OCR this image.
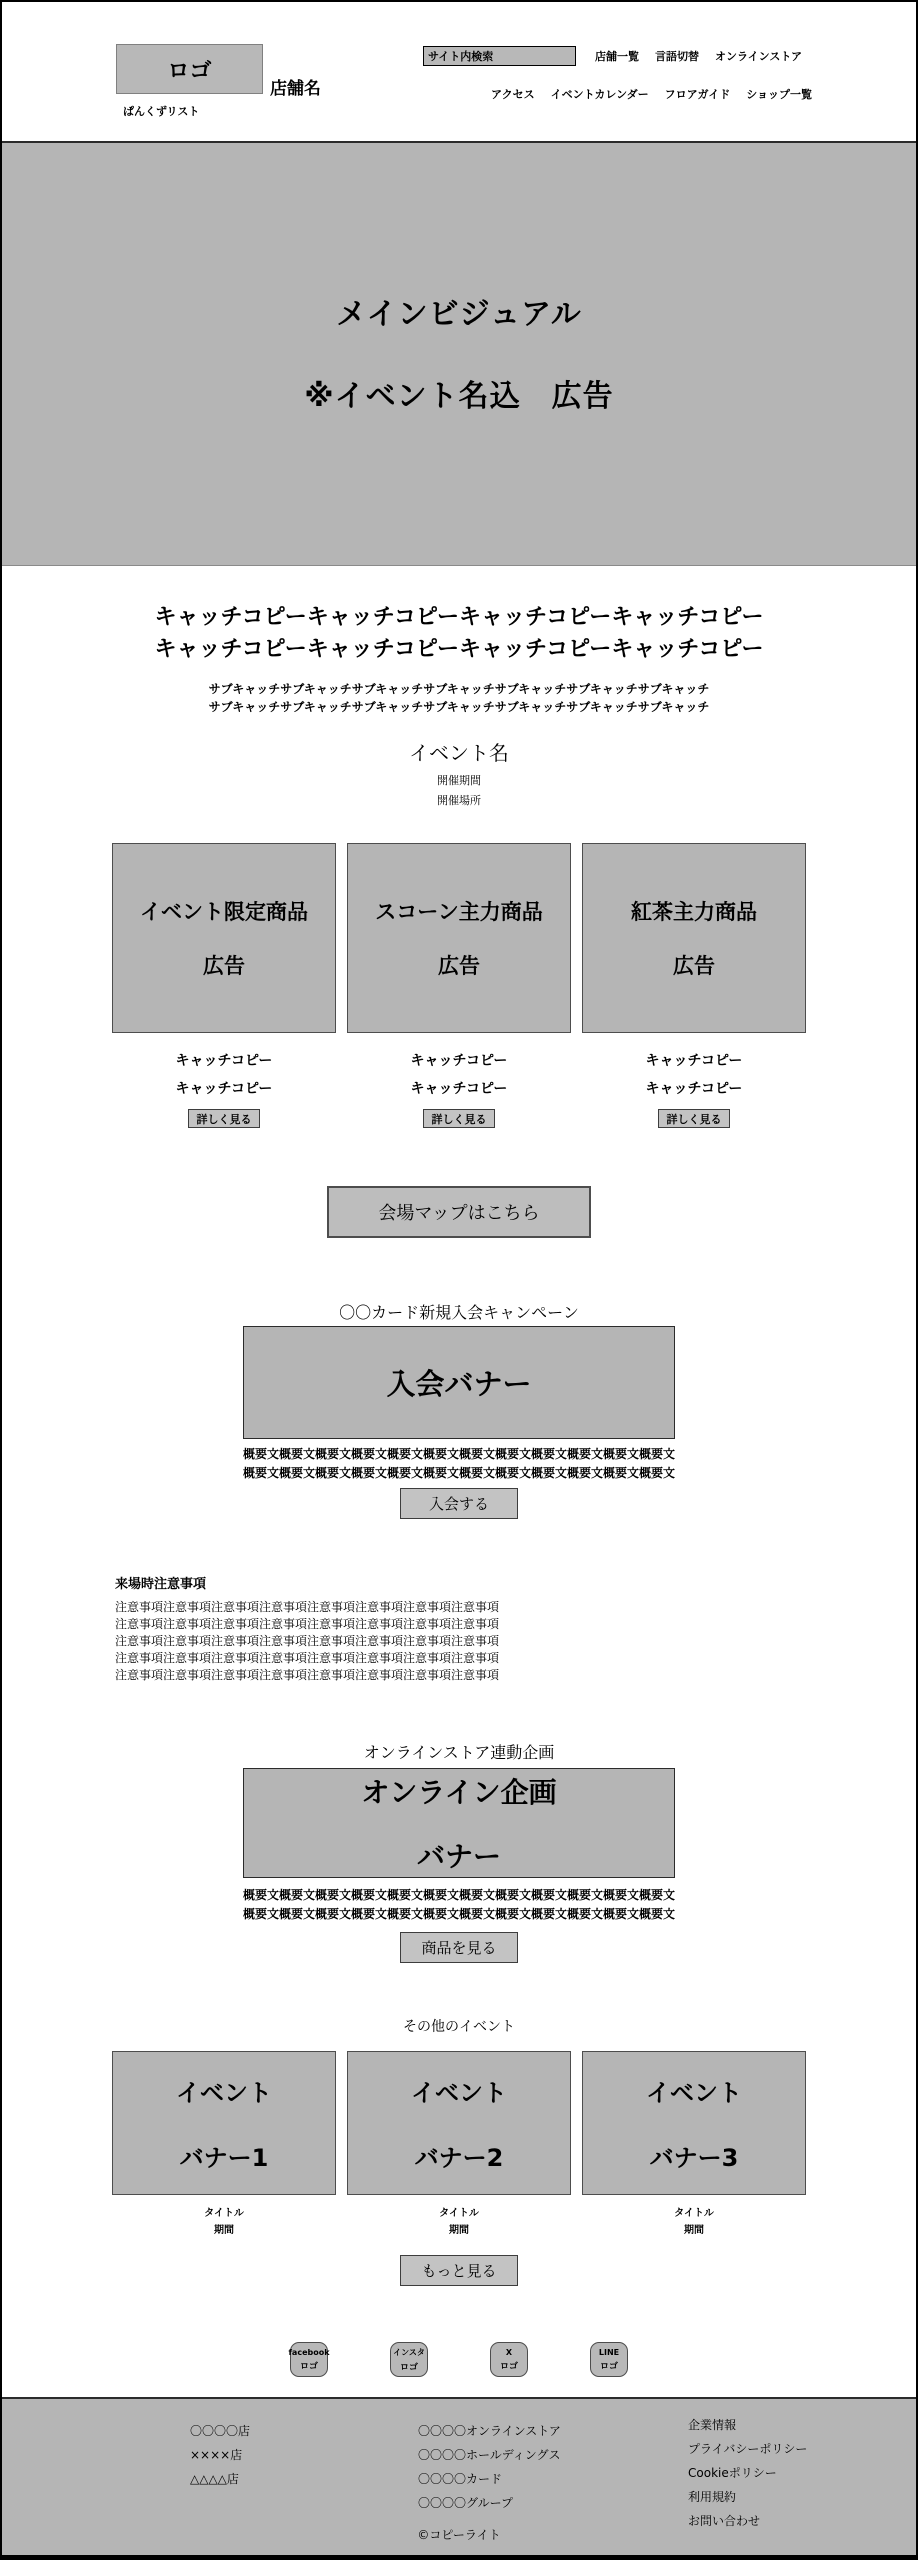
ロゴ
店舗名
ぱんくずリスト
サイト内検索
店舗一覧 言語切替 オンラインストア
アクセス イベントカレンダー フロアガイド ショップ一覧
メインビジュアル
※イベント名込　広告
キャッチコピーキャッチコピーキャッチコピーキャッチコピー
キャッチコピーキャッチコピーキャッチコピーキャッチコピー
サブキャッチサブキャッチサブキャッチサブキャッチサブキャッチサブキャッチサブキャッチ
サブキャッチサブキャッチサブキャッチサブキャッチサブキャッチサブキャッチサブキャッチ
イベント名
開催期間
開催場所
イベント限定商品
広告
キャッチコピー
キャッチコピー
詳しく見る
スコーン主力商品
広告
キャッチコピー
キャッチコピー
詳しく見る
紅茶主力商品
広告
キャッチコピー
キャッチコピー
詳しく見る
会場マップはこちら
〇〇カード新規入会キャンペーン
入会バナー
概要文概要文概要文概要文概要文概要文概要文概要文概要文概要文概要文概要文
概要文概要文概要文概要文概要文概要文概要文概要文概要文概要文概要文概要文
入会する
来場時注意事項
注意事項注意事項注意事項注意事項注意事項注意事項注意事項注意事項
注意事項注意事項注意事項注意事項注意事項注意事項注意事項注意事項
注意事項注意事項注意事項注意事項注意事項注意事項注意事項注意事項
注意事項注意事項注意事項注意事項注意事項注意事項注意事項注意事項
注意事項注意事項注意事項注意事項注意事項注意事項注意事項注意事項
オンラインストア連動企画
オンライン企画
バナー
概要文概要文概要文概要文概要文概要文概要文概要文概要文概要文概要文概要文
概要文概要文概要文概要文概要文概要文概要文概要文概要文概要文概要文概要文
商品を見る
その他のイベント
イベント
バナー1
タイトル
期間
イベント
バナー2
タイトル
期間
イベント
バナー3
タイトル
期間
もっと見る
facebook
ロゴ
インスタ
ロゴ
X
ロゴ
LINE
ロゴ
〇〇〇〇店
××××店
△△△△店
〇〇〇〇オンラインストア
〇〇〇〇ホールディングス
〇〇〇〇カード
〇〇〇〇グループ
企業情報
プライバシーポリシー
Cookieポリシー
利用規約
お問い合わせ
©コピーライト
